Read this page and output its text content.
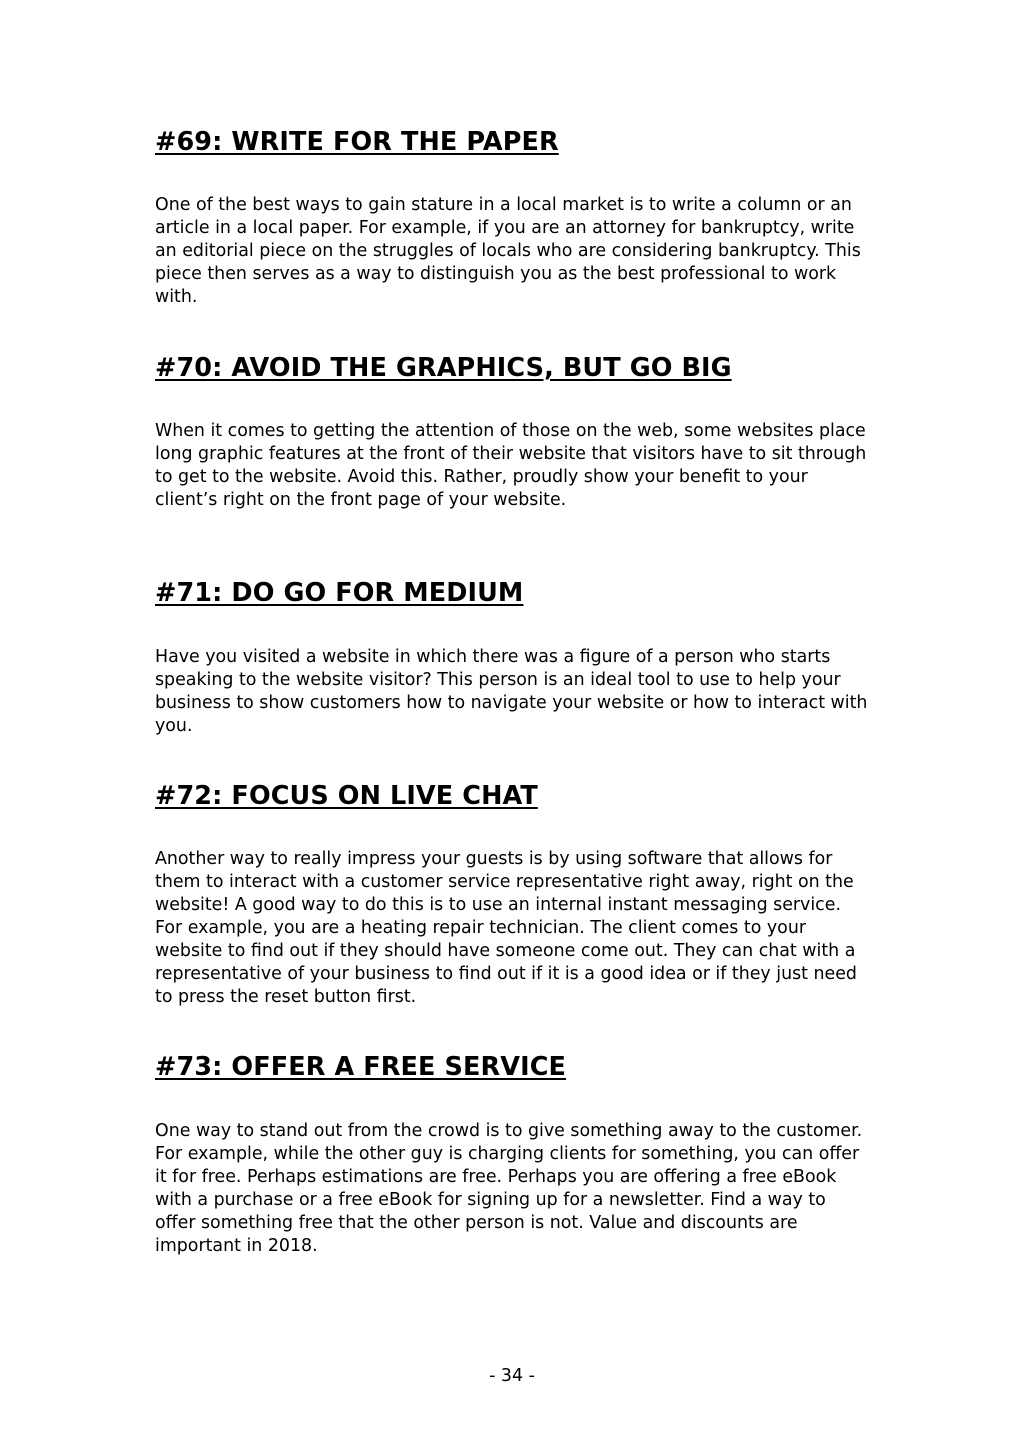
#69: WRITE FOR THE PAPER

One of the best ways to gain stature in a local market is to write a column or an article in a local paper. For example, if you are an attorney for bankruptcy, write an editorial piece on the struggles of locals who are considering bankruptcy. This piece then serves as a way to distinguish you as the best professional to work with.

#70: AVOID THE GRAPHICS, BUT GO BIG

When it comes to getting the attention of those on the web, some websites place long graphic features at the front of their website that visitors have to sit through to get to the website. Avoid this. Rather, proudly show your benefit to your client’s right on the front page of your website.

#71: DO GO FOR MEDIUM

Have you visited a website in which there was a figure of a person who starts speaking to the website visitor? This person is an ideal tool to use to help your business to show customers how to navigate your website or how to interact with you.

#72: FOCUS ON LIVE CHAT

Another way to really impress your guests is by using software that allows for them to interact with a customer service representative right away, right on the website! A good way to do this is to use an internal instant messaging service. For example, you are a heating repair technician. The client comes to your website to find out if they should have someone come out. They can chat with a representative of your business to find out if it is a good idea or if they just need to press the reset button first.

#73: OFFER A FREE SERVICE

One way to stand out from the crowd is to give something away to the customer. For example, while the other guy is charging clients for something, you can offer it for free. Perhaps estimations are free. Perhaps you are offering a free eBook with a purchase or a free eBook for signing up for a newsletter. Find a way to offer something free that the other person is not. Value and discounts are important in 2018.

- 34 -
